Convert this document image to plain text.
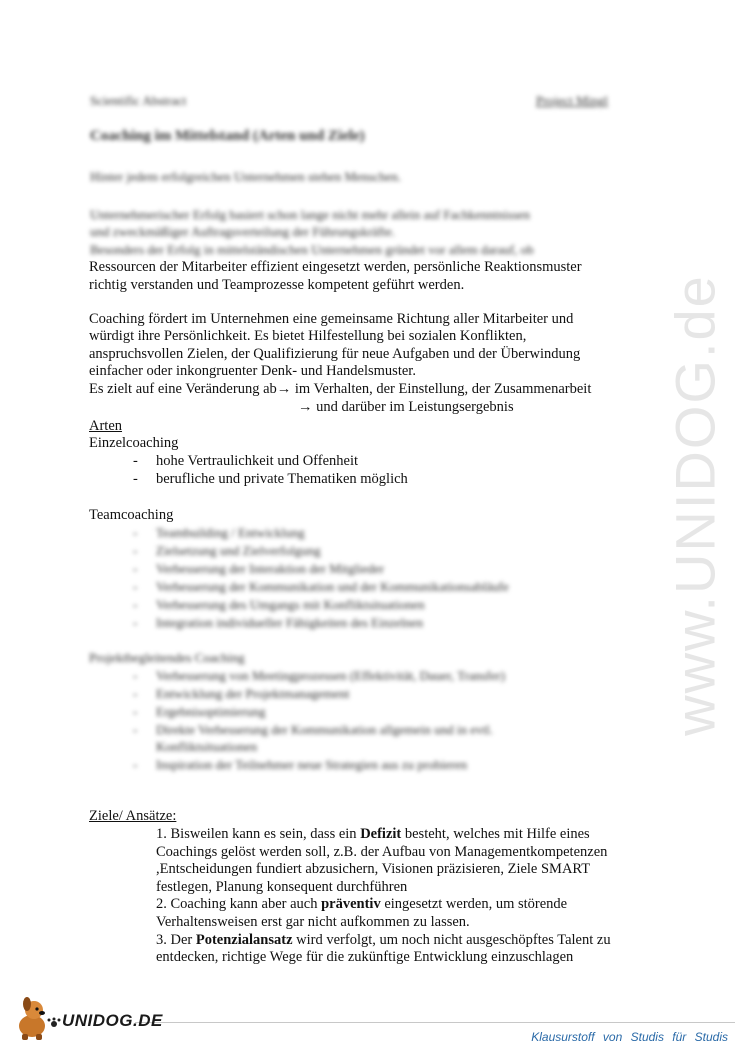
Scientific Abstract	Project Mingl
Coaching im Mittelstand (Arten und Ziele)
Hinter jedem erfolgreichen Unternehmen stehen Menschen.
Unternehmerischer Erfolg basiert schon lange nicht mehr allein auf Fachkenntnissen
und zweckmäßiger Auftragsverteilung der Führungskräfte.
Besonders der Erfolg in mittelständischen Unternehmen gründet vor allem darauf, ob
Ressourcen der Mitarbeiter effizient eingesetzt werden, persönliche Reaktionsmuster
richtig verstanden und Teamprozesse kompetent geführt werden.
Coaching fördert im Unternehmen eine gemeinsame Richtung aller Mitarbeiter und
würdigt ihre Persönlichkeit. Es bietet Hilfestellung bei sozialen Konflikten,
anspruchsvollen Zielen, der Qualifizierung für neue Aufgaben und der Überwindung
einfacher oder inkongruenter Denk- und Handelsmuster.
Es zielt auf eine Veränderung ab→ im Verhalten, der Einstellung, der Zusammenarbeit
→ und darüber im Leistungsergebnis
Arten
Einzelcoaching
- hohe Vertraulichkeit und Offenheit
- berufliche und private Thematiken möglich
Teamcoaching
- Teambuilding / Entwicklung
- Zielsetzung und Zielverfolgung
- Verbesserung der Interaktion der Mitglieder
- Verbesserung der Kommunikation und der Kommunikationsabläufe
- Verbesserung des Umgangs mit Konfliktsituationen
- Integration individueller Fähigkeiten des Einzelnen
Projektbegleitendes Coaching
- Verbesserung von Meetingprozessen (Effektivität, Dauer, Transfer)
- Entwicklung der Projektmanagement
- Ergebnisoptimierung
- Direkte Verbesserung der Kommunikation allgemein und in evtl.
Konfliktsituationen
- Inspiration der Teilnehmer neue Strategien aus zu probieren
Ziele/ Ansätze:
1. Bisweilen kann es sein, dass ein Defizit besteht, welches mit Hilfe eines
Coachings gelöst werden soll, z.B. der Aufbau von Managementkompetenzen
,Entscheidungen fundiert abzusichern, Visionen präzisieren, Ziele SMART
festlegen, Planung konsequent durchführen
2. Coaching kann aber auch präventiv eingesetzt werden, um störende
Verhaltensweisen erst gar nicht aufkommen zu lassen.
3. Der Potenzialansatz wird verfolgt, um noch nicht ausgeschöpftes Talent zu
entdecken, richtige Wege für die zukünftige Entwicklung einzuschlagen
www.UNIDOG.de
UNIDOG.DE
Klausurstoff von Studis für Studis
